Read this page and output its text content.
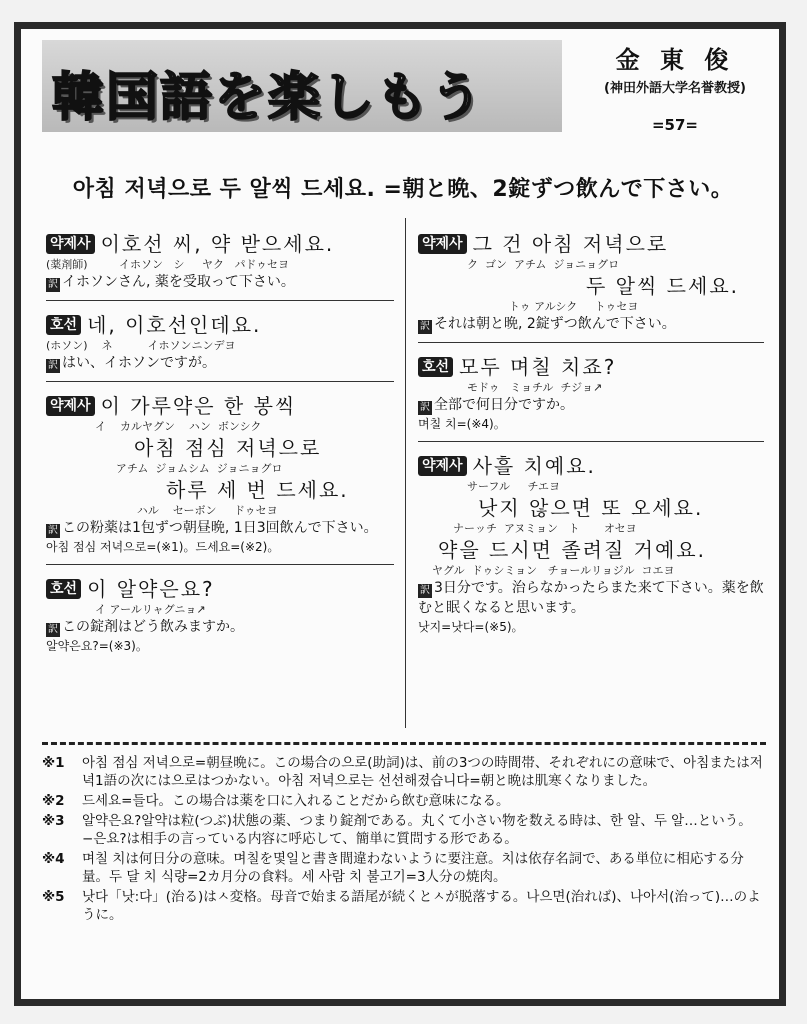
韓国語を楽しもう
金 東 俊
(神田外語大学名誉教授)
=57=
아침 저녁으로 두 알씩 드세요. =朝と晩、2錠ずつ飲んで下さい。
약제사 이호선 씨, 약 받으세요.
(薬剤師)         イホソン   シ     ヤク   パドゥセヨ
訳 イホソンさん, 薬を受取って下さい。
호선 네, 이호선인데요.
(ホソン)    ネ          イホソンニンデヨ
訳 はい、イホソンですが。
약제사 이 가루약은 한 봉씩
イ    カルヤグン    ハン  ボンシク
아침 점심 저녁으로
アチム  ジョムシム  ジョニョグロ
하루 세 번 드세요.
ハル    セーボン     ドゥセヨ
訳 この粉薬は1包ずつ朝昼晩, 1日3回飲んで下さい。
아침 점심 저녁으로=(※1)。드세요=(※2)。
호선 이 알약은요?
イ アールリャグニョ↗
訳 この錠剤はどう飲みますか。
알약은요?=(※3)。
약제사 그 건 아침 저녁으로
ク  ゴン  アチム  ジョニョグロ
두 알씩 드세요.
トゥ アルシク     トゥセヨ
訳 それは朝と晩, 2錠ずつ飲んで下さい。
호선 모두 며칠 치죠?
モドゥ   ミョチル  チジョ↗
訳 全部で何日分ですか。
며칠 치=(※4)。
약제사 사흘 치예요.
サーフル     チエヨ
낫지 않으면 또 오세요.
ナーッチ  アヌミョン   ト       オセヨ
약을 드시면 졸려질 거예요.
ヤグル  ドゥシミョン   チョールリョジル  コエヨ
訳 3日分です。治らなかったらまた来て下さい。薬を飲むと眠くなると思います。
낫지=낫다=(※5)。
※1	아침 점심 저녁으로=朝昼晩に。この場合の으로(助詞)は、前の3つの時間帯、それぞれにの意味で、아침または저녁1語の次には으로はつかない。아침 저녁으로는 선선해졌습니다=朝と晩は肌寒くなりました。
※2	드세요=들다。この場合は薬を口に入れることだから飲む意味になる。
※3	알약은요?알약は粒(つぶ)状態の薬、つまり錠剤である。丸くて小さい物を数える時は、한 알、두 알…という。−은요?は相手の言っている内容に呼応して、簡単に質問する形である。
※4	며칠 치は何日分の意味。며칠を몇일と書き間違わないように要注意。치は依存名詞で、ある単位に相応する分量。두 달 치 식량=2カ月分の食料。세 사람 치 불고기=3人分の焼肉。
※5	낫다「낫:다」(治る)はㅅ変格。母音で始まる語尾が続くとㅅが脱落する。나으면(治れば)、나아서(治って)…のように。
